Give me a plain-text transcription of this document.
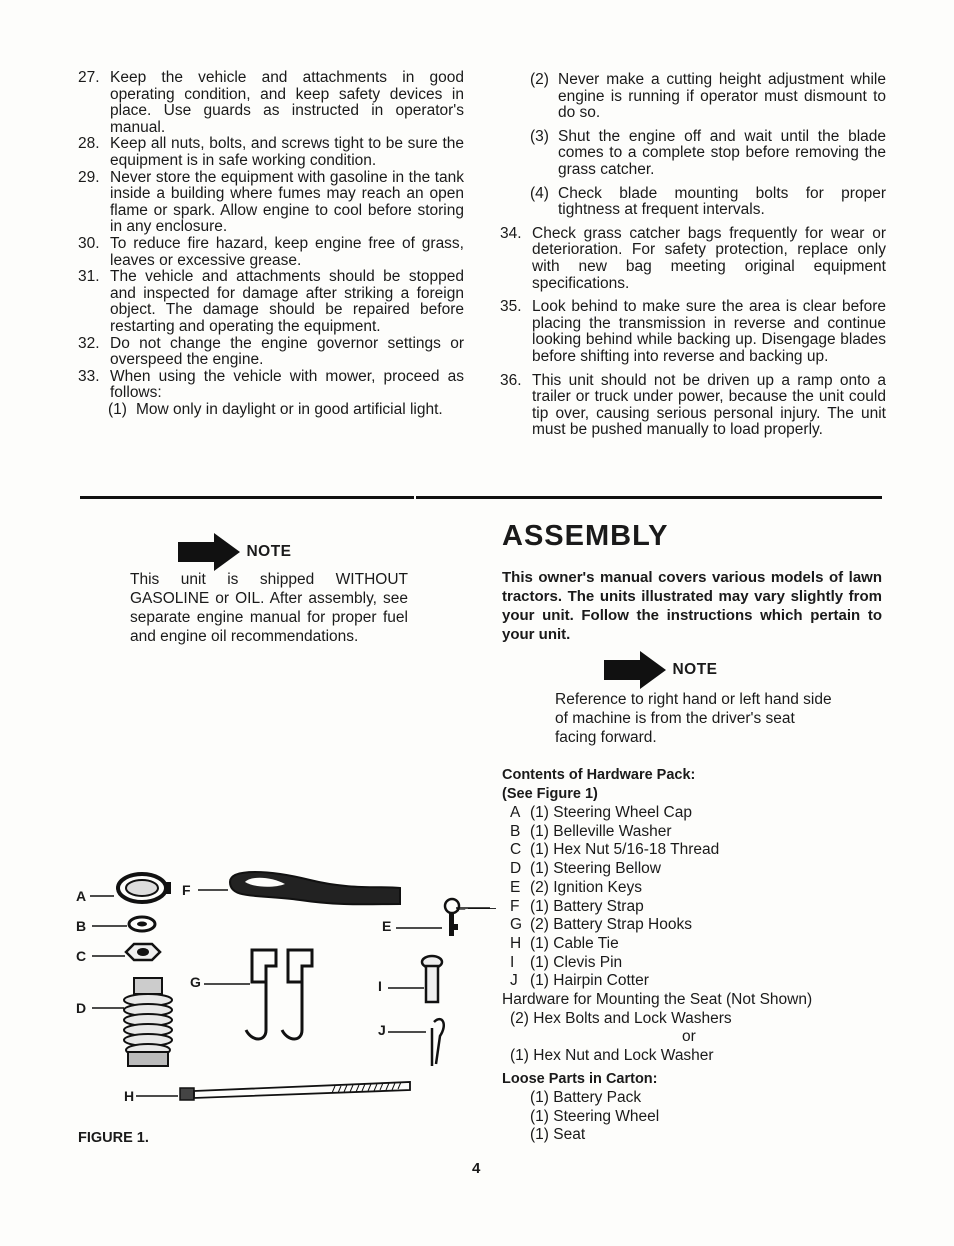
27. Keep the vehicle and attachments in good operating condition, and keep safety devices in place. Use guards as instructed in operator's manual.
28. Keep all nuts, bolts, and screws tight to be sure the equipment is in safe working condition.
29. Never store the equipment with gasoline in the tank inside a building where fumes may reach an open flame or spark. Allow engine to cool before storing in any enclosure.
30. To reduce fire hazard, keep engine free of grass, leaves or excessive grease.
31. The vehicle and attachments should be stopped and inspected for damage after striking a foreign object. The damage should be repaired before restarting and operating the equipment.
32. Do not change the engine governor settings or overspeed the engine.
33. When using the vehicle with mower, proceed as follows:
(1) Mow only in daylight or in good artificial light.
(2) Never make a cutting height adjustment while engine is running if operator must dismount to do so.
(3) Shut the engine off and wait until the blade comes to a complete stop before removing the grass catcher.
(4) Check blade mounting bolts for proper tightness at frequent intervals.
34. Check grass catcher bags frequently for wear or deterioration. For safety protection, replace only with new bag meeting original equipment specifications.
35. Look behind to make sure the area is clear before placing the transmission in reverse and continue looking behind while backing up. Disengage blades before shifting into reverse and backing up.
36. This unit should not be driven up a ramp onto a trailer or truck under power, because the unit could tip over, causing serious personal injury. The unit must be pushed manually to load properly.
NOTE
This unit is shipped WITHOUT GASOLINE or OIL. After assembly, see separate engine manual for proper fuel and engine oil recommendations.
ASSEMBLY
This owner's manual covers various models of lawn tractors. The units illustrated may vary slightly from your unit. Follow the instructions which pertain to your unit.
NOTE
Reference to right hand or left hand side of machine is from the driver's seat facing forward.
Contents of Hardware Pack:
(See Figure 1)
A (1) Steering Wheel Cap
B (1) Belleville Washer
C (1) Hex Nut 5/16-18 Thread
D (1) Steering Bellow
E (2) Ignition Keys
←—— F (1) Battery Strap
G (2) Battery Strap Hooks
H (1) Cable Tie
I	(1) Clevis Pin
J (1) Hairpin Cotter
Hardware for Mounting the Seat (Not Shown)
(2) Hex Bolts and Lock Washers
or
(1) Hex Nut and Lock Washer
Loose Parts in Carton:
(1) Battery Pack
(1) Steering Wheel
(1) Seat
A
B
C
D
F
E
G	I
J
H
FIGURE 1.
4
